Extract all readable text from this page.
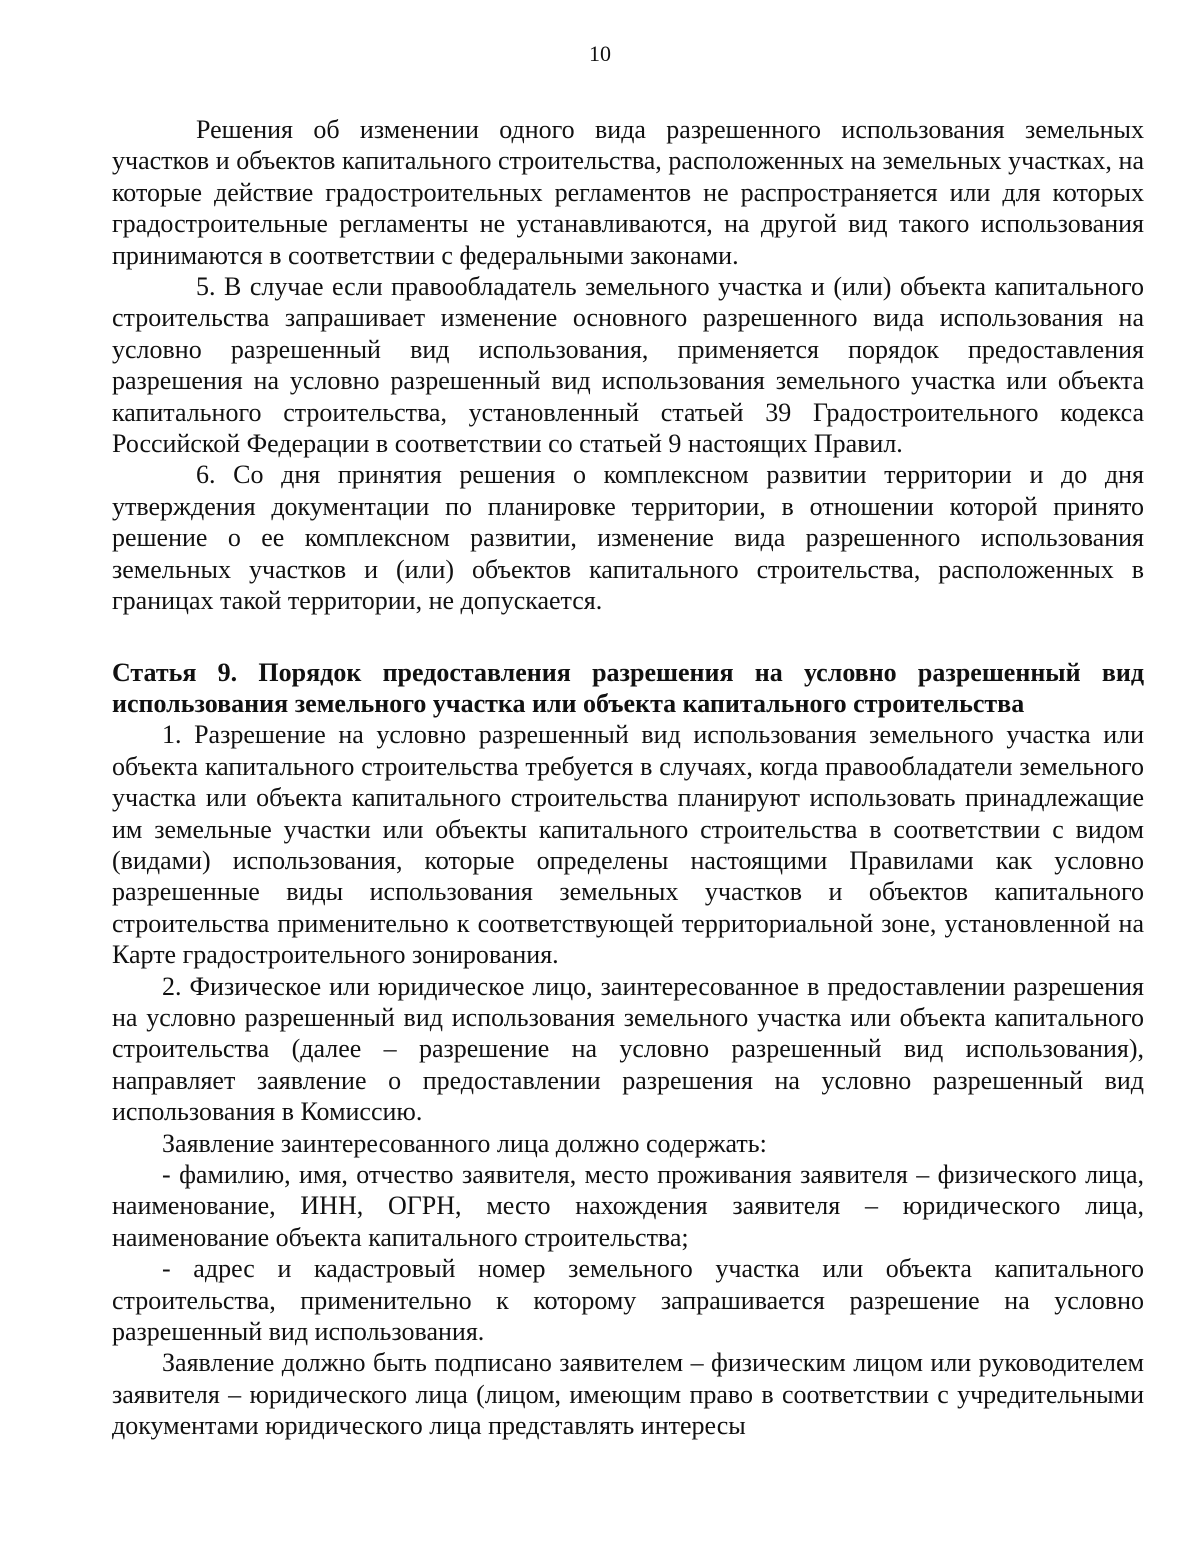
10

Решения об изменении одного вида разрешенного использования земельных участков и объектов капитального строительства, расположенных на земельных участках, на которые действие градостроительных регламентов не распространяется или для которых градостроительные регламенты не устанавливаются, на другой вид такого использования принимаются в соответствии с федеральными законами.

5. В случае если правообладатель земельного участка и (или) объекта капитального строительства запрашивает изменение основного разрешенного вида использования на условно разрешенный вид использования, применяется порядок предоставления разрешения на условно разрешенный вид использования земельного участка или объекта капитального строительства, установленный статьей 39 Градостроительного кодекса Российской Федерации в соответствии со статьей 9 настоящих Правил.

6. Со дня принятия решения о комплексном развитии территории и до дня утверждения документации по планировке территории, в отношении которой принято решение о ее комплексном развитии, изменение вида разрешенного использования земельных участков и (или) объектов капитального строительства, расположенных в границах такой территории, не допускается.

Статья 9. Порядок предоставления разрешения на условно разрешенный вид использования земельного участка или объекта капитального строительства

1. Разрешение на условно разрешенный вид использования земельного участка или объекта капитального строительства требуется в случаях, когда правообладатели земельного участка или объекта капитального строительства планируют использовать принадлежащие им земельные участки или объекты капитального строительства в соответствии с видом (видами) использования, которые определены настоящими Правилами как условно разрешенные виды использования земельных участков и объектов капитального строительства применительно к соответствующей территориальной зоне, установленной на Карте градостроительного зонирования.

2. Физическое или юридическое лицо, заинтересованное в предоставлении разрешения на условно разрешенный вид использования земельного участка или объекта капитального строительства (далее – разрешение на условно разрешенный вид использования), направляет заявление о предоставлении разрешения на условно разрешенный вид использования в Комиссию.

Заявление заинтересованного лица должно содержать:

- фамилию, имя, отчество заявителя, место проживания заявителя – физического лица, наименование, ИНН, ОГРН, место нахождения заявителя – юридического лица, наименование объекта капитального строительства;

- адрес и кадастровый номер земельного участка или объекта капитального строительства, применительно к которому запрашивается разрешение на условно разрешенный вид использования.

Заявление должно быть подписано заявителем – физическим лицом или руководителем заявителя – юридического лица (лицом, имеющим право в соответствии с учредительными документами юридического лица представлять интересы
